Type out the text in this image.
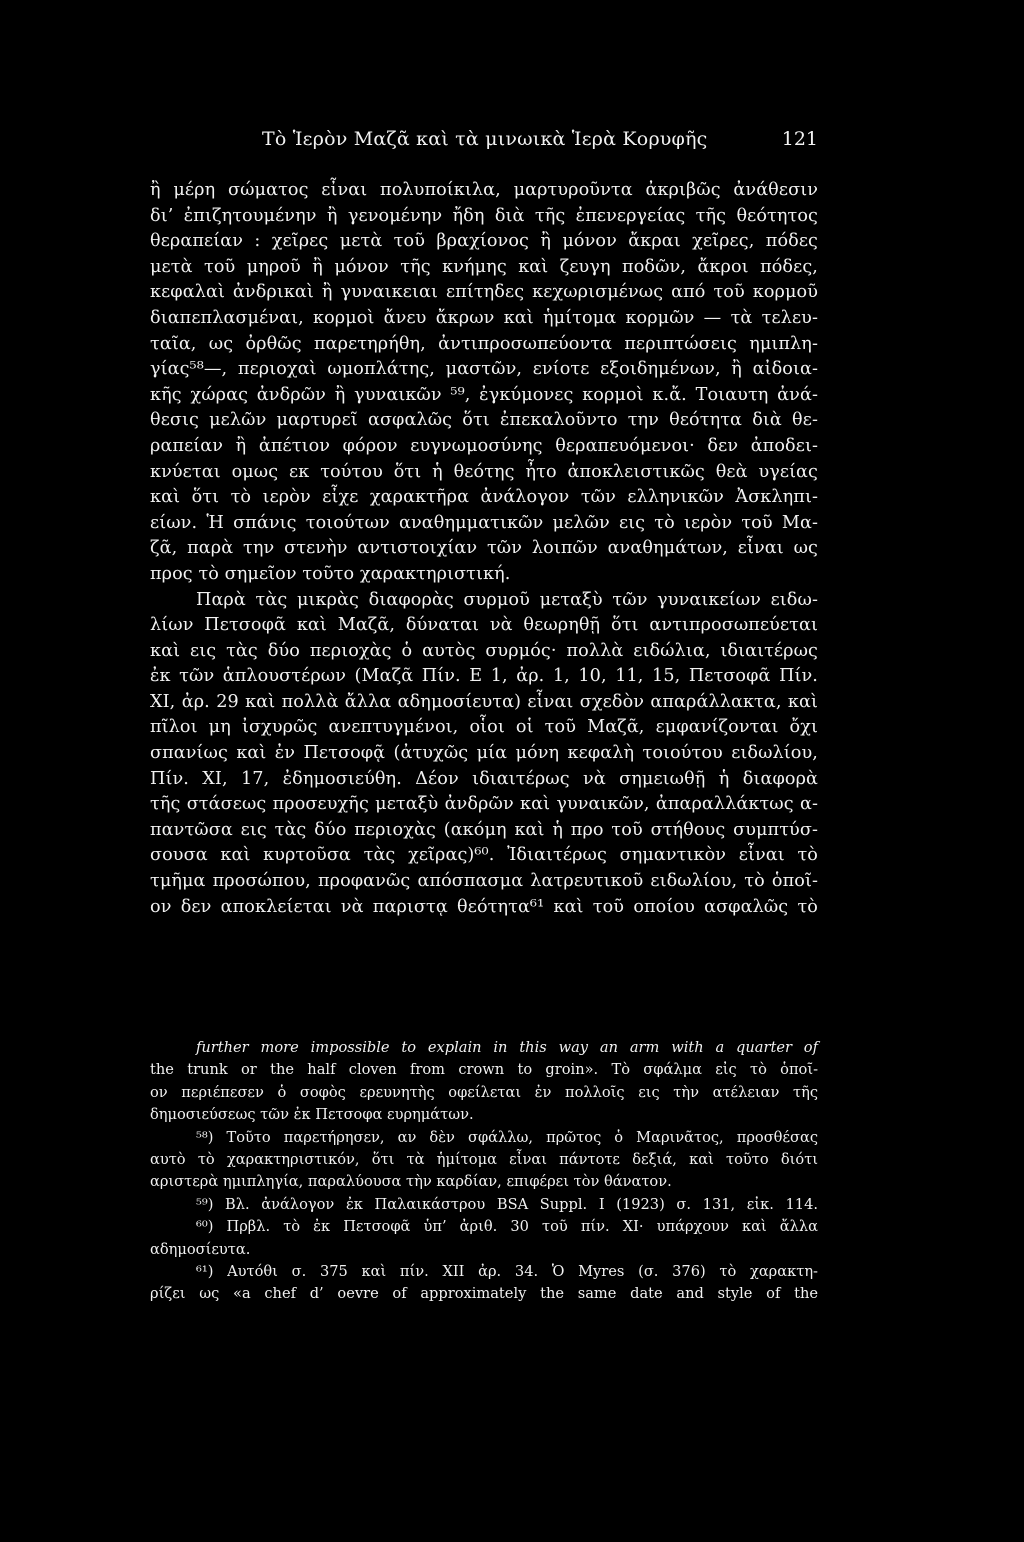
Τὸ Ἱερὸν Μαζᾶ καὶ τὰ μινωικὰ Ἱερὰ Κορυφῆς	121
ἢ μέρη σώματος εἶναι πολυποίκιλα, μαρτυροῦντα ἀκριβῶς ἀνάθεσιν
δι’ ἐπιζητουμένην ἢ γενομένην ἤδη διὰ τῆς ἐπενεργείας τῆς θεότητος
θεραπείαν : χεῖρες μετὰ τοῦ βραχίονος ἢ μόνον ἄκραι χεῖρες, πόδες
μετὰ τοῦ μηροῦ ἢ μόνον τῆς κνήμης καὶ ζευγη ποδῶν, ἄκροι πόδες,
κεφαλαὶ ἀνδρικαὶ ἢ γυναικειαι επίτηδες κεχωρισμένως από τοῦ κορμοῦ
διαπεπλασμέναι, κορμοὶ ἄνευ ἄκρων καὶ ἡμίτομα κορμῶν — τὰ τελευ-
ταῖα, ως ὀρθῶς παρετηρήθη, ἀντιπροσωπεύοντα περιπτώσεις ημιπλη-
γίας⁵⁸—, περιοχαὶ ωμοπλάτης, μαστῶν, ενίοτε εξοιδημένων, ἢ αἰδοια-
κῆς χώρας ἀνδρῶν ἢ γυναικῶν ⁵⁹, ἐγκύμονες κορμοὶ κ.ἄ. Τοιαυτη ἀνά-
θεσις μελῶν μαρτυρεῖ ασφαλῶς ὅτι ἐπεκαλοῦντο την θεότητα διὰ θε-
ραπείαν ἢ ἀπέτιον φόρον ευγνωμοσύνης θεραπευόμενοι· δεν ἀποδει-
κνύεται ομως εκ τούτου ὅτι ἡ θεότης ἦτο ἀποκλειστικῶς θεὰ υγείας
καὶ ὅτι τὸ ιερὸν εἶχε χαρακτῆρα ἀνάλογον τῶν ελληνικῶν Ἀσκληπι-
είων. Ἡ σπάνις τοιούτων αναθημματικῶν μελῶν εις τὸ ιερὸν τοῦ Μα-
ζᾶ, παρὰ την στενὴν αντιστοιχίαν τῶν λοιπῶν αναθημάτων, εἶναι ως
προς τὸ σημεῖον τοῦτο χαρακτηριστική.
Παρὰ τὰς μικρὰς διαφορὰς συρμοῦ μεταξὺ τῶν γυναικείων ειδω-
λίων Πετσοφᾶ καὶ Μαζᾶ, δύναται νὰ θεωρηθῇ ὅτι αντιπροσωπεύεται
καὶ εις τὰς δύο περιοχὰς ὁ αυτὸς συρμός· πολλὰ ειδώλια, ιδιαιτέρως
ἐκ τῶν ἁπλουστέρων (Μαζᾶ Πίν. E 1, ἀρ. 1, 10, 11, 15, Πετσοφᾶ Πίν.
XI, ἀρ. 29 καὶ πολλὰ ἄλλα αδημοσίευτα) εἶναι σχεδὸν απαράλλακτα, καὶ
πῖλοι μη ἰσχυρῶς ανεπτυγμένοι, οἷοι οἱ τοῦ Μαζᾶ, εμφανίζονται ὄχι
σπανίως καὶ ἐν Πετσοφᾷ (ἀτυχῶς μία μόνη κεφαλὴ τοιούτου ειδωλίου,
Πίν. XI, 17, ἐδημοσιεύθη. Δέον ιδιαιτέρως νὰ σημειωθῇ ἡ διαφορὰ
τῆς στάσεως προσευχῆς μεταξὺ ἀνδρῶν καὶ γυναικῶν, ἀπαραλλάκτως α-
παντῶσα εις τὰς δύο περιοχὰς (ακόμη καὶ ἡ προ τοῦ στήθους συμπτύσ-
σουσα καὶ κυρτοῦσα τὰς χεῖρας)⁶⁰. Ἰδιαιτέρως σημαντικὸν εἶναι τὸ
τμῆμα προσώπου, προφανῶς απόσπασμα λατρευτικοῦ ειδωλίου, τὸ ὁποῖ-
ον δεν αποκλείεται νὰ παριστᾳ θεότητα⁶¹ καὶ τοῦ οποίου ασφαλῶς τὸ
further more impossible to explain in this way an arm with a quarter of
the trunk or the half cloven from crown to groin». Τὸ σφάλμα εἰς τὸ ὁποῖ-
ον περιέπεσεν ὁ σοφὸς ερευνητὴς οφείλεται ἐν πολλοῖς εις τὴν ατέλειαν τῆς
δημοσιεύσεως τῶν ἐκ Πετσοφα ευρημάτων.
⁵⁸) Τοῦτο παρετήρησεν, αν δὲν σφάλλω, πρῶτος ὁ Μαρινᾶτος, προσθέσας
αυτὸ τὸ χαρακτηριστικόν, ὅτι τὰ ἡμίτομα εἶναι πάντοτε δεξιά, καὶ τοῦτο διότι
αριστερὰ ημιπληγία, παραλύουσα τὴν καρδίαν, επιφέρει τὸν θάνατον.
⁵⁹) Βλ. ἀνάλογον ἐκ Παλαικάστρου BSA Suppl. I (1923) σ. 131, εἰκ. 114.
⁶⁰) Πρβλ. τὸ ἐκ Πετσοφᾶ ὑπ’ ἀριθ. 30 τοῦ πίν. XI· υπάρχουν καὶ ἄλλα
αδημοσίευτα.
⁶¹) Αυτόθι σ. 375 καὶ πίν. XII ἀρ. 34. Ὁ Myres (σ. 376) τὸ χαρακτη-
ρίζει ως «a chef d’ oevre of approximately the same date and style of the
